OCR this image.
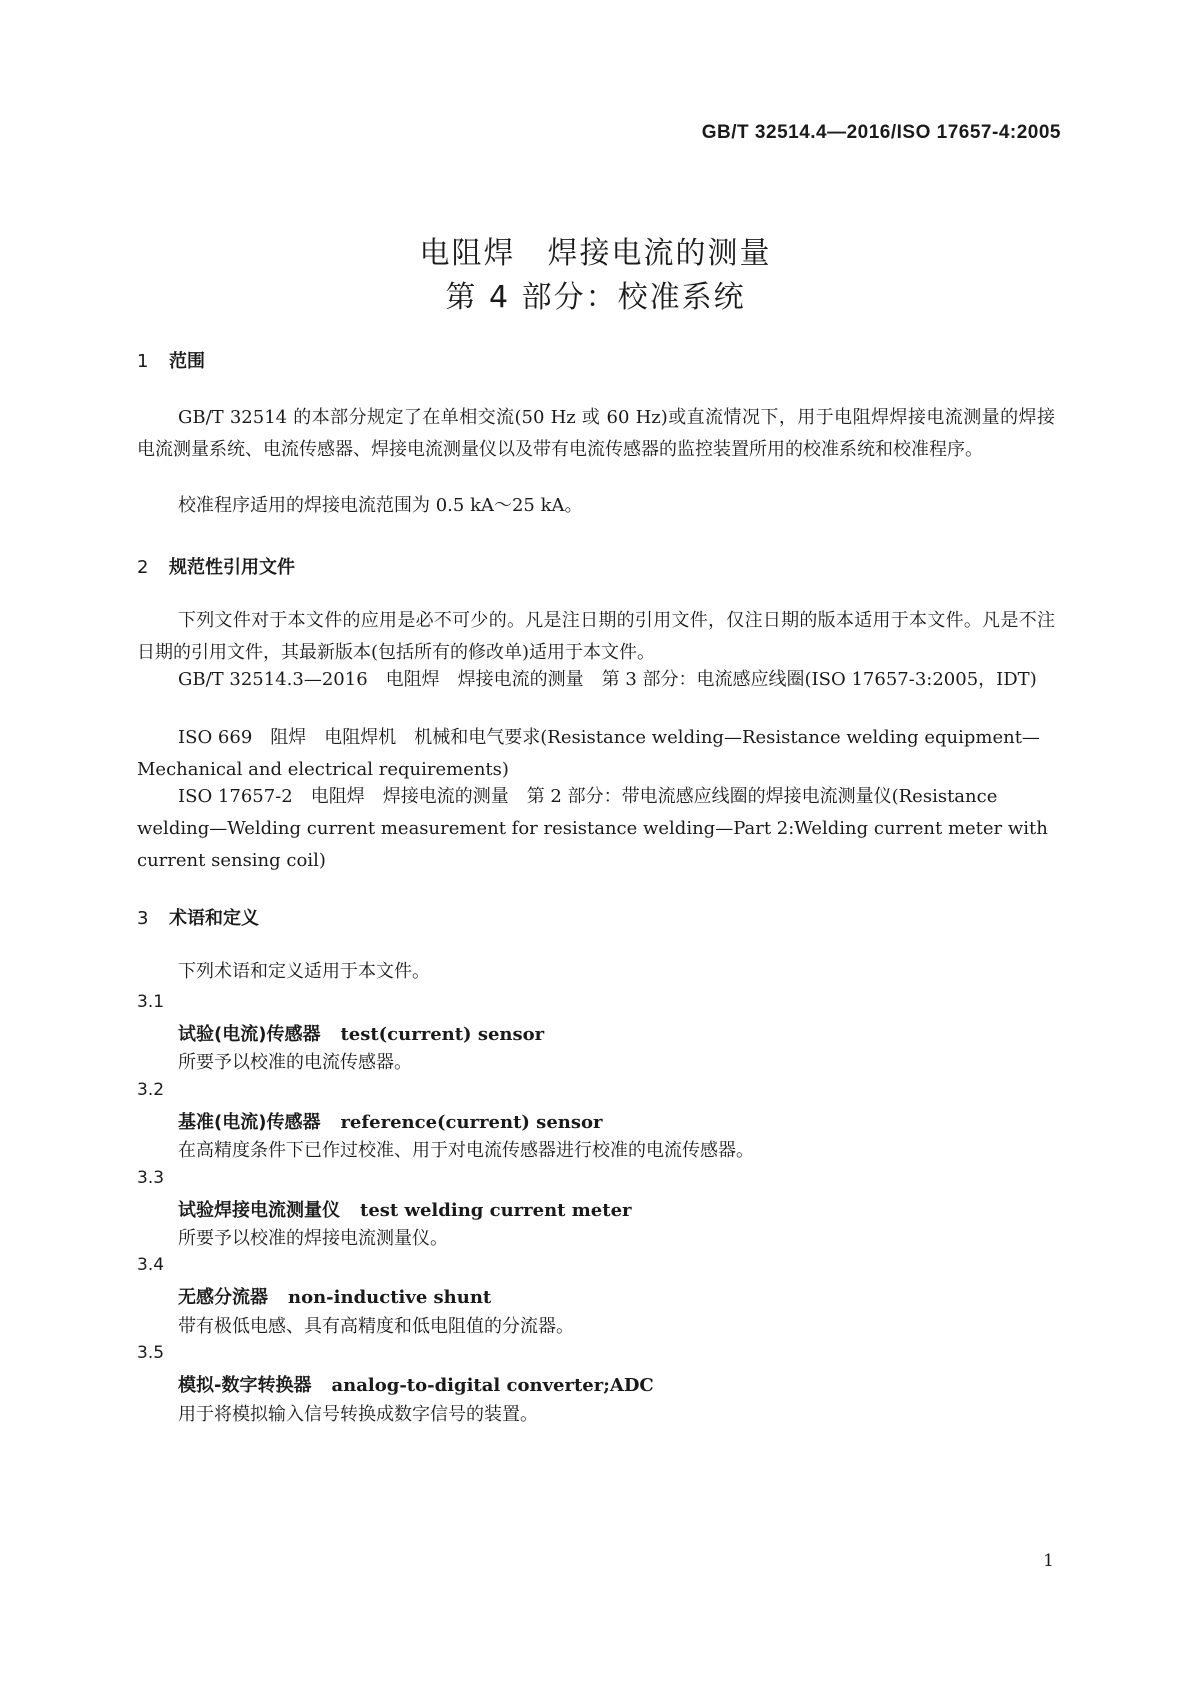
GB/T 32514.4—2016/ISO 17657-4:2005
电阻焊　焊接电流的测量
第 4 部分：校准系统
1 范围
GB/T 32514 的本部分规定了在单相交流(50 Hz 或 60 Hz)或直流情况下，用于电阻焊焊接电流测量的焊接电流测量系统、电流传感器、焊接电流测量仪以及带有电流传感器的监控装置所用的校准系统和校准程序。
校准程序适用的焊接电流范围为 0.5 kA～25 kA。
2 规范性引用文件
下列文件对于本文件的应用是必不可少的。凡是注日期的引用文件，仅注日期的版本适用于本文件。凡是不注日期的引用文件，其最新版本(包括所有的修改单)适用于本文件。
GB/T 32514.3—2016　电阻焊　焊接电流的测量　第 3 部分：电流感应线圈(ISO 17657-3:2005，IDT)
ISO 669　阻焊　电阻焊机　机械和电气要求(Resistance welding—Resistance welding equipment—Mechanical and electrical requirements)
ISO 17657-2　电阻焊　焊接电流的测量　第 2 部分：带电流感应线圈的焊接电流测量仪(Resistance welding—Welding current measurement for resistance welding—Part 2:Welding current meter with current sensing coil)
3 术语和定义
下列术语和定义适用于本文件。
3.1
试验(电流)传感器 test(current) sensor
所要予以校准的电流传感器。
3.2
基准(电流)传感器 reference(current) sensor
在高精度条件下已作过校准、用于对电流传感器进行校准的电流传感器。
3.3
试验焊接电流测量仪 test welding current meter
所要予以校准的焊接电流测量仪。
3.4
无感分流器 non-inductive shunt
带有极低电感、具有高精度和低电阻值的分流器。
3.5
模拟-数字转换器 analog-to-digital converter;ADC
用于将模拟输入信号转换成数字信号的装置。
1
